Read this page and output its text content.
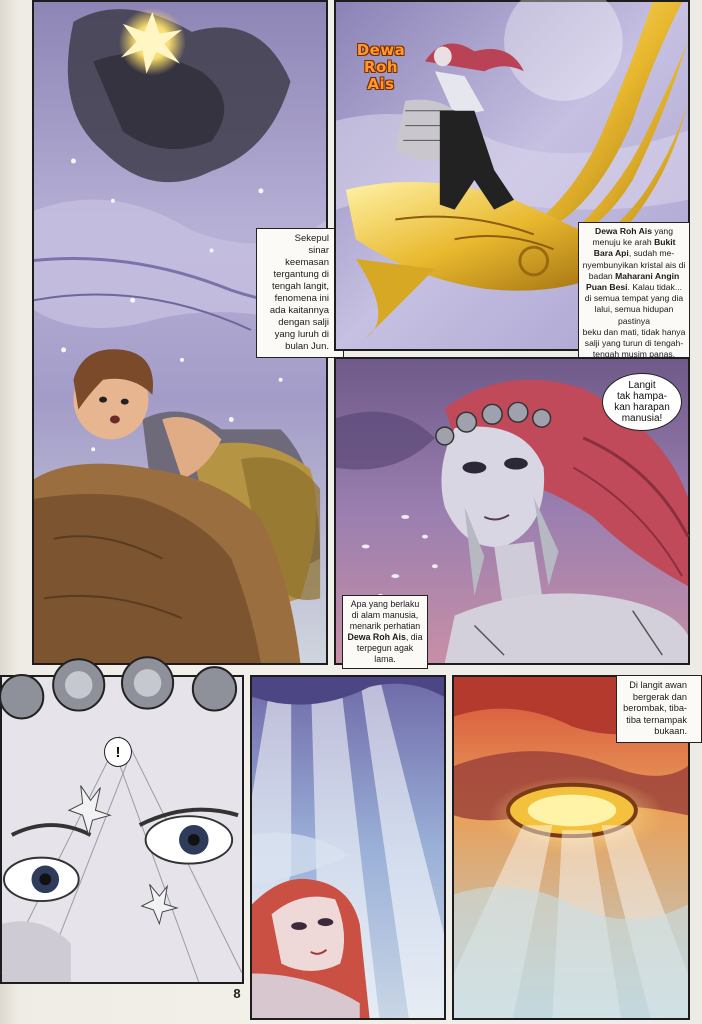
Sekepul
sinar keemasan
tergantung di
tengah langit,
fenomena ini
ada kaitannya
dengan salji
yang luruh di
bulan Jun.
Dewa
Roh Ais
Dewa Roh Ais yang
menuju ke arah Bukit
Bara Api, sudah me-
nyembunyikan kristal ais di
badan Maharani Angin
Puan Besi. Kalau tidak...
di semua tempat yang dia
lalui, semua hidupan pastinya
beku dan mati, tidak hanya
salji yang turun di tengah-
tengah musim panas.
Langit
tak hampa-
kan harapan
manusia!
Apa yang berlaku
di alam manusia,
menarik perhatian
Dewa Roh Ais, dia
terpegun agak lama.
!
8
Di langit awan
bergerak dan
berombak, tiba-
tiba ternampak
bukaan.
